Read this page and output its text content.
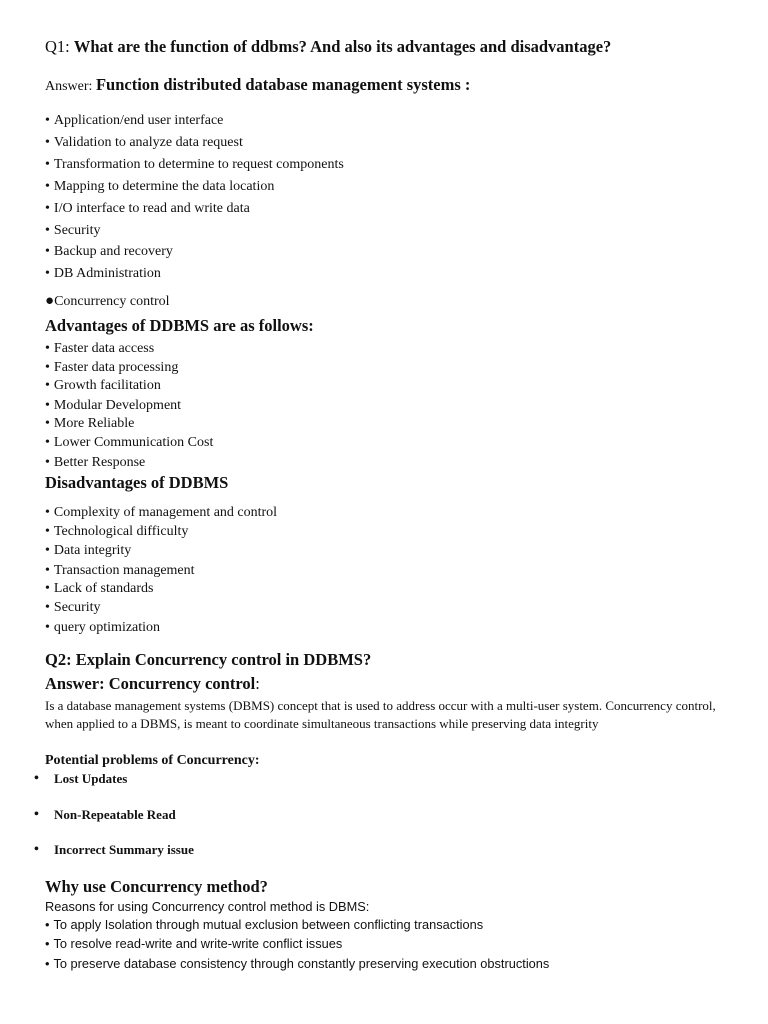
Q1: What are the function of ddbms? And also its advantages and disadvantage?
Answer: Function distributed database management systems :
• Application/end user interface
• Validation to analyze data request
• Transformation to determine to request components
• Mapping to determine the data location
• I/O interface to read and write data
• Security
• Backup and recovery
• DB Administration
●Concurrency control
Advantages of DDBMS are as follows:
• Faster data access
• Faster data processing
• Growth facilitation
• Modular Development
• More Reliable
• Lower Communication Cost
• Better Response
Disadvantages of DDBMS
• Complexity of management and control
• Technological difficulty
• Data integrity
• Transaction management
• Lack of standards
• Security
• query optimization
Q2: Explain Concurrency control in DDBMS?
Answer: Concurrency control:
Is a database management systems (DBMS) concept that is used to address occur with a multi-user system. Concurrency control, when applied to a DBMS, is meant to coordinate simultaneous transactions while preserving data integrity
Potential problems of Concurrency:
• Lost Updates
• Non-Repeatable Read
• Incorrect Summary issue
Why use Concurrency method?
Reasons for using Concurrency control method is DBMS:
• To apply Isolation through mutual exclusion between conflicting transactions
• To resolve read-write and write-write conflict issues
• To preserve database consistency through constantly preserving execution obstructions
